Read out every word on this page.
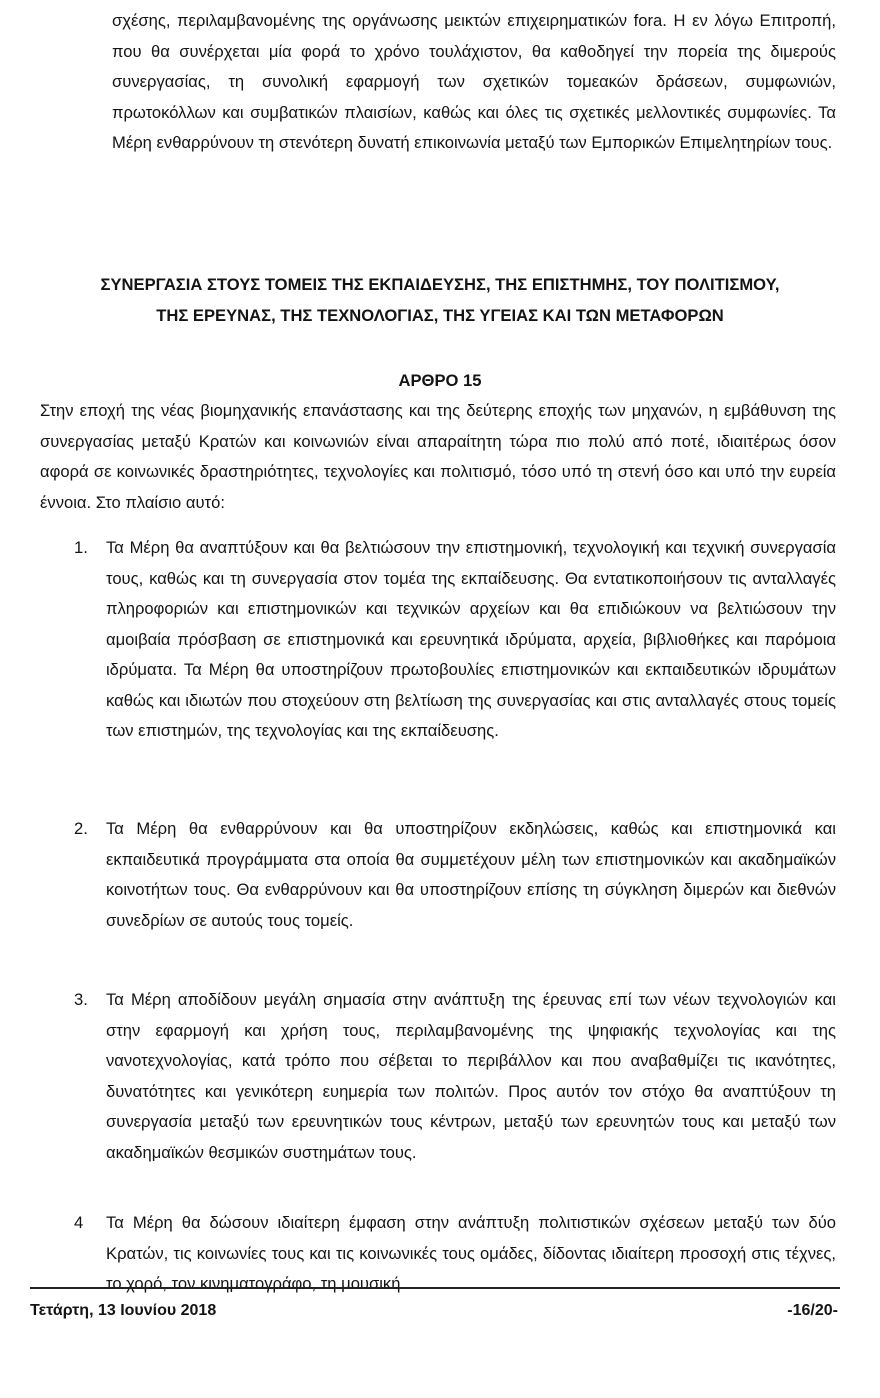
σχέσης, περιλαμβανομένης της οργάνωσης μεικτών επιχειρηματικών fora. Η εν λόγω Επιτροπή, που θα συνέρχεται μία φορά το χρόνο τουλάχιστον, θα καθοδηγεί την πορεία της διμερούς συνεργασίας, τη συνολική εφαρμογή των σχετικών τομεακών δράσεων, συμφωνιών, πρωτοκόλλων και συμβατικών πλαισίων, καθώς και όλες τις σχετικές μελλοντικές συμφωνίες. Τα Μέρη ενθαρρύνουν τη στενότερη δυνατή επικοινωνία μεταξύ των Εμπορικών Επιμελητηρίων τους.

ΣΥΝΕΡΓΑΣΙΑ ΣΤΟΥΣ ΤΟΜΕΙΣ ΤΗΣ ΕΚΠΑΙΔΕΥΣΗΣ, ΤΗΣ ΕΠΙΣΤΗΜΗΣ, ΤΟΥ ΠΟΛΙΤΙΣΜΟΥ,
ΤΗΣ ΕΡΕΥΝΑΣ, ΤΗΣ ΤΕΧΝΟΛΟΓΙΑΣ, ΤΗΣ ΥΓΕΙΑΣ ΚΑΙ ΤΩΝ ΜΕΤΑΦΟΡΩΝ
ΑΡΘΡΟ 15

Στην εποχή της νέας βιομηχανικής επανάστασης και της δεύτερης εποχής των μηχανών, η εμβάθυνση της συνεργασίας μεταξύ Κρατών και κοινωνιών είναι απαραίτητη τώρα πιο πολύ από ποτέ, ιδιαιτέρως όσον αφορά σε κοινωνικές δραστηριότητες, τεχνολογίες και πολιτισμό, τόσο υπό τη στενή όσο και υπό την ευρεία έννοια. Στο πλαίσιο αυτό:

1.	Τα Μέρη θα αναπτύξουν και θα βελτιώσουν την επιστημονική, τεχνολογική και τεχνική συνεργασία τους, καθώς και τη συνεργασία στον τομέα της εκπαίδευσης. Θα εντατικοποιήσουν τις ανταλλαγές πληροφοριών και επιστημονικών και τεχνικών αρχείων και θα επιδιώκουν να βελτιώσουν την αμοιβαία πρόσβαση σε επιστημονικά και ερευνητικά ιδρύματα, αρχεία, βιβλιοθήκες και παρόμοια ιδρύματα. Τα Μέρη θα υποστηρίζουν πρωτοβουλίες επιστημονικών και εκπαιδευτικών ιδρυμάτων καθώς και ιδιωτών που στοχεύουν στη βελτίωση της συνεργασίας και στις ανταλλαγές στους τομείς των επιστημών, της τεχνολογίας και της εκπαίδευσης.

2.	Τα Μέρη θα ενθαρρύνουν και θα υποστηρίζουν εκδηλώσεις, καθώς και επιστημονικά και εκπαιδευτικά προγράμματα στα οποία θα συμμετέχουν μέλη των επιστημονικών και ακαδημαϊκών κοινοτήτων τους. Θα ενθαρρύνουν και θα υποστηρίζουν επίσης τη σύγκληση διμερών και διεθνών συνεδρίων σε αυτούς τους τομείς.

3.	Τα Μέρη αποδίδουν μεγάλη σημασία στην ανάπτυξη της έρευνας επί των νέων τεχνολογιών και στην εφαρμογή και χρήση τους, περιλαμβανομένης της ψηφιακής τεχνολογίας και της νανοτεχνολογίας, κατά τρόπο που σέβεται το περιβάλλον και που αναβαθμίζει τις ικανότητες, δυνατότητες και γενικότερη ευημερία των πολιτών. Προς αυτόν τον στόχο θα αναπτύξουν τη συνεργασία μεταξύ των ερευνητικών τους κέντρων, μεταξύ των ερευνητών τους και μεταξύ των ακαδημαϊκών θεσμικών συστημάτων τους.

4	Τα Μέρη θα δώσουν ιδιαίτερη έμφαση στην ανάπτυξη πολιτιστικών σχέσεων μεταξύ των δύο Κρατών, τις κοινωνίες τους και τις κοινωνικές τους ομάδες, δίδοντας ιδιαίτερη προσοχή στις τέχνες, το χορό, τον κινηματογράφο, τη μουσική

Τετάρτη, 13 Ιουνίου 2018	-16/20-
